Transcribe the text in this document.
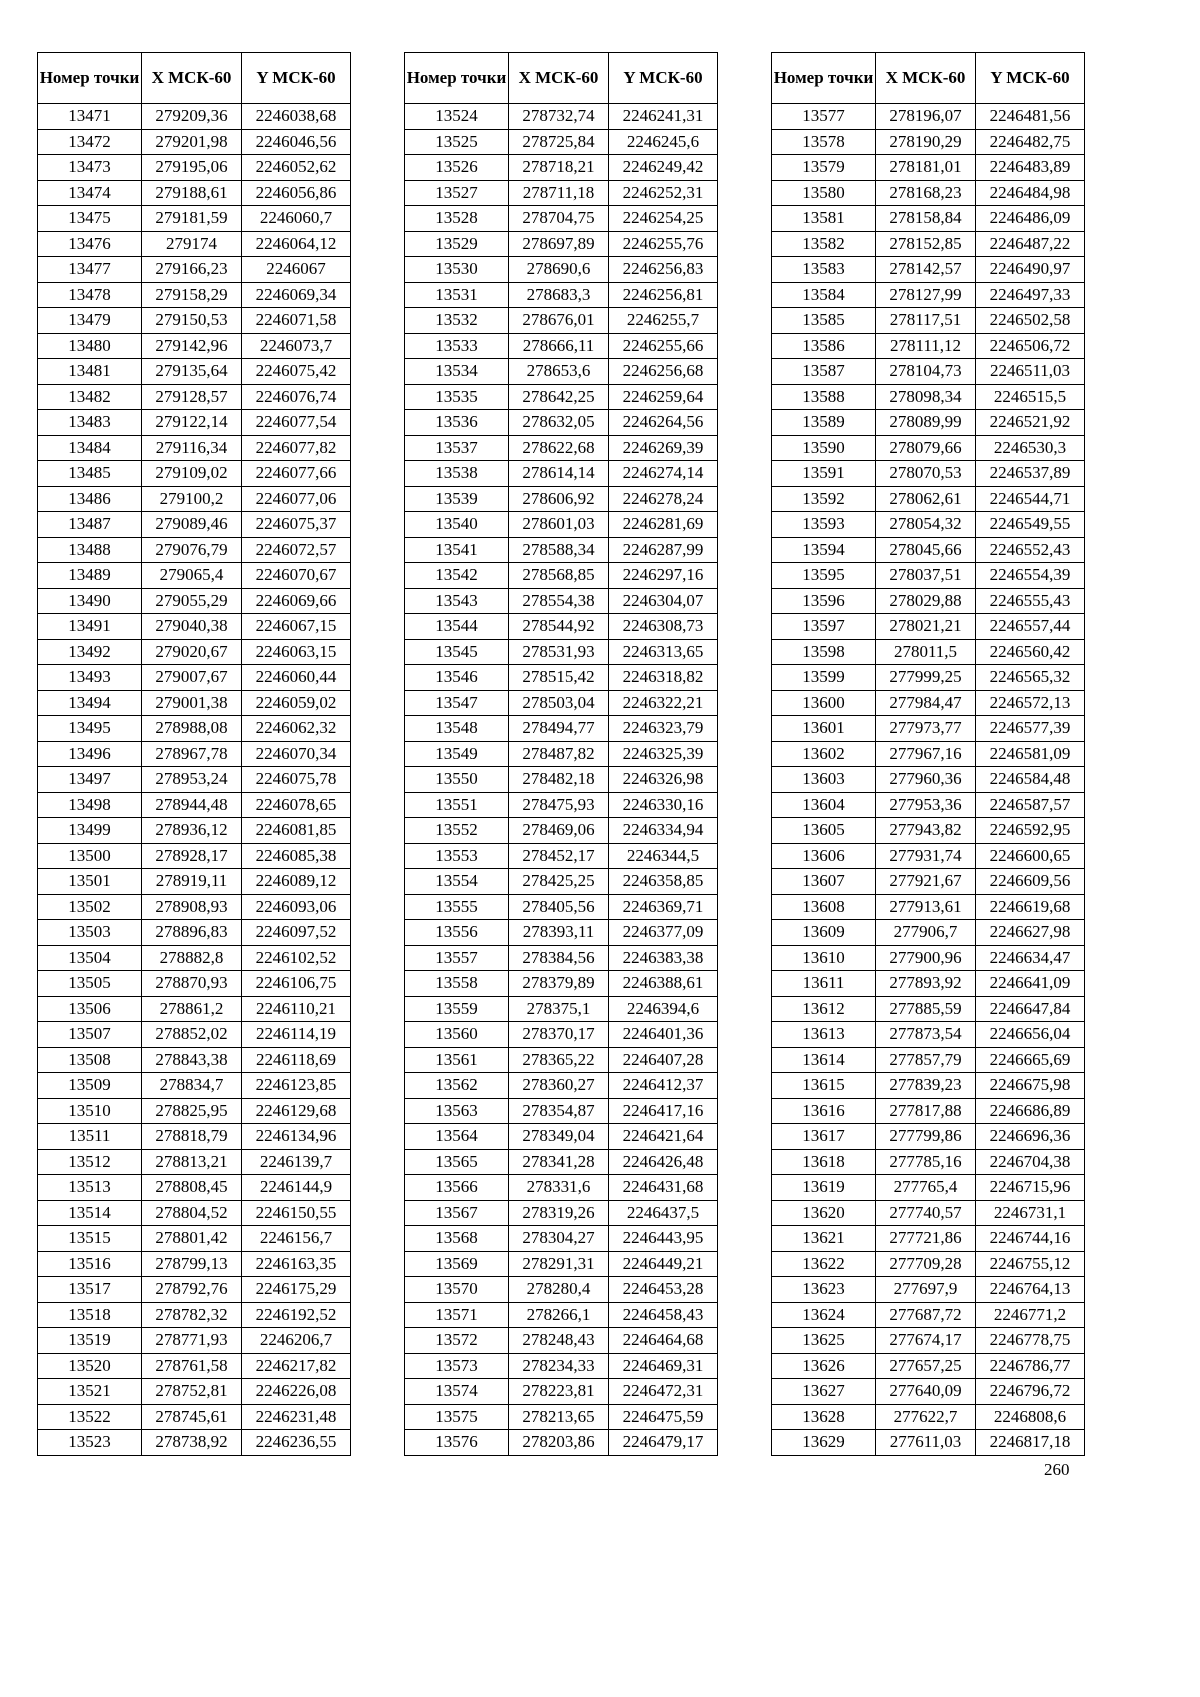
Номер точки	X МСК-60	Y МСК-60
13471	279209,36	2246038,68
13472	279201,98	2246046,56
13473	279195,06	2246052,62
13474	279188,61	2246056,86
13475	279181,59	2246060,7
13476	279174	2246064,12
13477	279166,23	2246067
13478	279158,29	2246069,34
13479	279150,53	2246071,58
13480	279142,96	2246073,7
13481	279135,64	2246075,42
13482	279128,57	2246076,74
13483	279122,14	2246077,54
13484	279116,34	2246077,82
13485	279109,02	2246077,66
13486	279100,2	2246077,06
13487	279089,46	2246075,37
13488	279076,79	2246072,57
13489	279065,4	2246070,67
13490	279055,29	2246069,66
13491	279040,38	2246067,15
13492	279020,67	2246063,15
13493	279007,67	2246060,44
13494	279001,38	2246059,02
13495	278988,08	2246062,32
13496	278967,78	2246070,34
13497	278953,24	2246075,78
13498	278944,48	2246078,65
13499	278936,12	2246081,85
13500	278928,17	2246085,38
13501	278919,11	2246089,12
13502	278908,93	2246093,06
13503	278896,83	2246097,52
13504	278882,8	2246102,52
13505	278870,93	2246106,75
13506	278861,2	2246110,21
13507	278852,02	2246114,19
13508	278843,38	2246118,69
13509	278834,7	2246123,85
13510	278825,95	2246129,68
13511	278818,79	2246134,96
13512	278813,21	2246139,7
13513	278808,45	2246144,9
13514	278804,52	2246150,55
13515	278801,42	2246156,7
13516	278799,13	2246163,35
13517	278792,76	2246175,29
13518	278782,32	2246192,52
13519	278771,93	2246206,7
13520	278761,58	2246217,82
13521	278752,81	2246226,08
13522	278745,61	2246231,48
13523	278738,92	2246236,55
Номер точки	X МСК-60	Y МСК-60
13524	278732,74	2246241,31
13525	278725,84	2246245,6
13526	278718,21	2246249,42
13527	278711,18	2246252,31
13528	278704,75	2246254,25
13529	278697,89	2246255,76
13530	278690,6	2246256,83
13531	278683,3	2246256,81
13532	278676,01	2246255,7
13533	278666,11	2246255,66
13534	278653,6	2246256,68
13535	278642,25	2246259,64
13536	278632,05	2246264,56
13537	278622,68	2246269,39
13538	278614,14	2246274,14
13539	278606,92	2246278,24
13540	278601,03	2246281,69
13541	278588,34	2246287,99
13542	278568,85	2246297,16
13543	278554,38	2246304,07
13544	278544,92	2246308,73
13545	278531,93	2246313,65
13546	278515,42	2246318,82
13547	278503,04	2246322,21
13548	278494,77	2246323,79
13549	278487,82	2246325,39
13550	278482,18	2246326,98
13551	278475,93	2246330,16
13552	278469,06	2246334,94
13553	278452,17	2246344,5
13554	278425,25	2246358,85
13555	278405,56	2246369,71
13556	278393,11	2246377,09
13557	278384,56	2246383,38
13558	278379,89	2246388,61
13559	278375,1	2246394,6
13560	278370,17	2246401,36
13561	278365,22	2246407,28
13562	278360,27	2246412,37
13563	278354,87	2246417,16
13564	278349,04	2246421,64
13565	278341,28	2246426,48
13566	278331,6	2246431,68
13567	278319,26	2246437,5
13568	278304,27	2246443,95
13569	278291,31	2246449,21
13570	278280,4	2246453,28
13571	278266,1	2246458,43
13572	278248,43	2246464,68
13573	278234,33	2246469,31
13574	278223,81	2246472,31
13575	278213,65	2246475,59
13576	278203,86	2246479,17
Номер точки	X МСК-60	Y МСК-60
13577	278196,07	2246481,56
13578	278190,29	2246482,75
13579	278181,01	2246483,89
13580	278168,23	2246484,98
13581	278158,84	2246486,09
13582	278152,85	2246487,22
13583	278142,57	2246490,97
13584	278127,99	2246497,33
13585	278117,51	2246502,58
13586	278111,12	2246506,72
13587	278104,73	2246511,03
13588	278098,34	2246515,5
13589	278089,99	2246521,92
13590	278079,66	2246530,3
13591	278070,53	2246537,89
13592	278062,61	2246544,71
13593	278054,32	2246549,55
13594	278045,66	2246552,43
13595	278037,51	2246554,39
13596	278029,88	2246555,43
13597	278021,21	2246557,44
13598	278011,5	2246560,42
13599	277999,25	2246565,32
13600	277984,47	2246572,13
13601	277973,77	2246577,39
13602	277967,16	2246581,09
13603	277960,36	2246584,48
13604	277953,36	2246587,57
13605	277943,82	2246592,95
13606	277931,74	2246600,65
13607	277921,67	2246609,56
13608	277913,61	2246619,68
13609	277906,7	2246627,98
13610	277900,96	2246634,47
13611	277893,92	2246641,09
13612	277885,59	2246647,84
13613	277873,54	2246656,04
13614	277857,79	2246665,69
13615	277839,23	2246675,98
13616	277817,88	2246686,89
13617	277799,86	2246696,36
13618	277785,16	2246704,38
13619	277765,4	2246715,96
13620	277740,57	2246731,1
13621	277721,86	2246744,16
13622	277709,28	2246755,12
13623	277697,9	2246764,13
13624	277687,72	2246771,2
13625	277674,17	2246778,75
13626	277657,25	2246786,77
13627	277640,09	2246796,72
13628	277622,7	2246808,6
13629	277611,03	2246817,18
260
